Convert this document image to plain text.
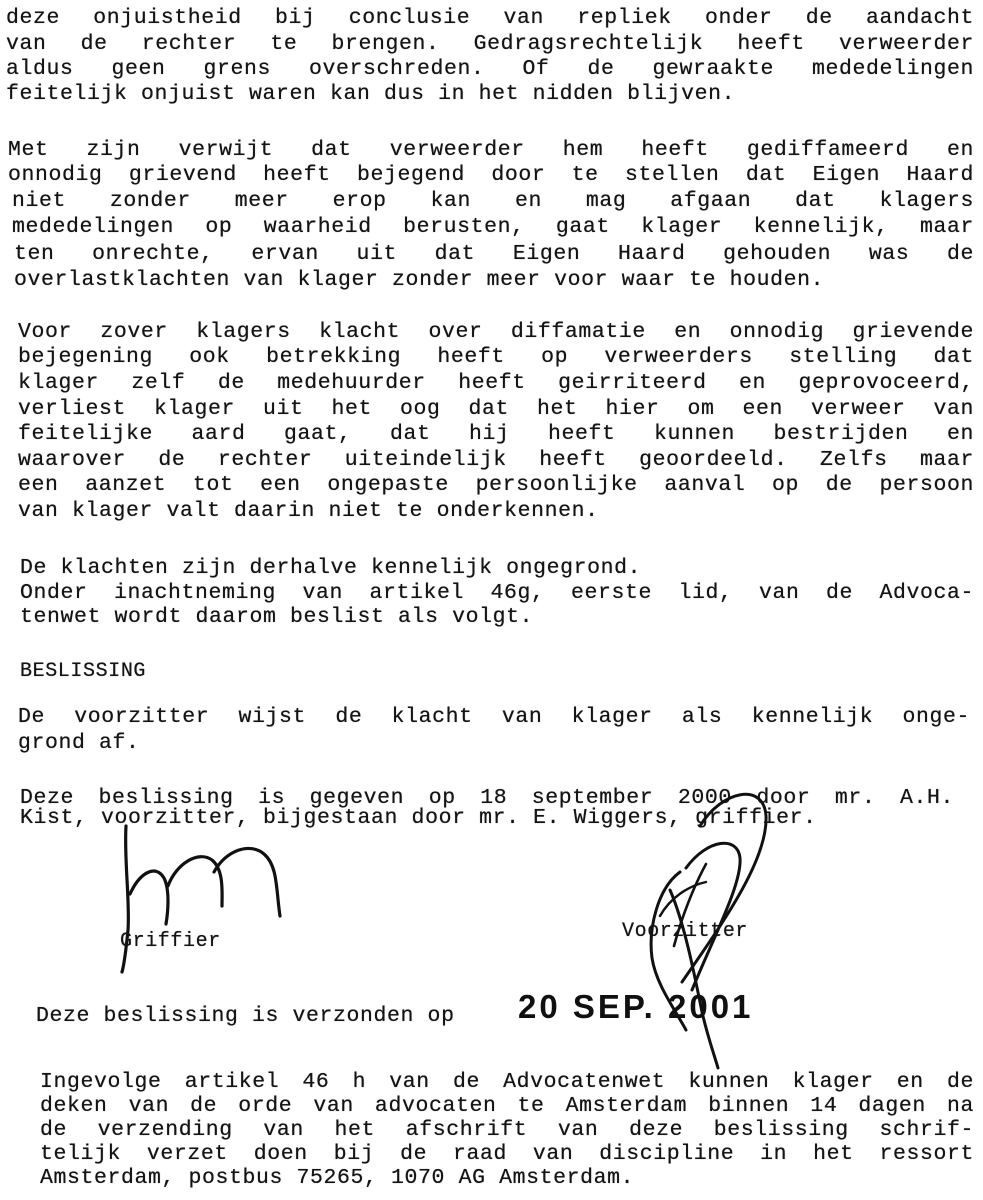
deze onjuistheid bij conclusie van repliek onder de aandacht
van de rechter te brengen. Gedragsrechtelijk heeft verweerder
aldus geen grens overschreden. Of de gewraakte mededelingen
feitelijk onjuist waren kan dus in het nidden blijven.
Met zijn verwijt dat verweerder hem heeft gediffameerd en
onnodig grievend heeft bejegend door te stellen dat Eigen Haard
niet zonder meer erop kan en mag afgaan dat klagers
mededelingen op waarheid berusten, gaat klager kennelijk, maar
ten onrechte, ervan uit dat Eigen Haard gehouden was de
overlastklachten van klager zonder meer voor waar te houden.
Voor zover klagers klacht over diffamatie en onnodig grievende
bejegening ook betrekking heeft op verweerders stelling dat
klager zelf de medehuurder heeft geirriteerd en geprovoceerd,
verliest klager uit het oog dat het hier om een verweer van
feitelijke aard gaat, dat hij heeft kunnen bestrijden en
waarover de rechter uiteindelijk heeft geoordeeld. Zelfs maar
een aanzet tot een ongepaste persoonlijke aanval op de persoon
van klager valt daarin niet te onderkennen.
De klachten zijn derhalve kennelijk ongegrond.
Onder inachtneming van artikel 46g, eerste lid, van de Advoca-
tenwet wordt daarom beslist als volgt.
BESLISSING
De voorzitter wijst de klacht van klager als kennelijk onge-
grond af.
Deze beslissing is gegeven op 18 september 2000 door mr. A.H.
Kist, voorzitter, bijgestaan door mr. E. Wiggers, griffier.
Griffier	Voorzitter
Deze beslissing is verzonden op 20 SEP. 2001
Ingevolge artikel 46 h van de Advocatenwet kunnen klager en de
deken van de orde van advocaten te Amsterdam binnen 14 dagen na
de verzending van het afschrift van deze beslissing schrif-
telijk verzet doen bij de raad van discipline in het ressort
Amsterdam, postbus 75265, 1070 AG Amsterdam.
